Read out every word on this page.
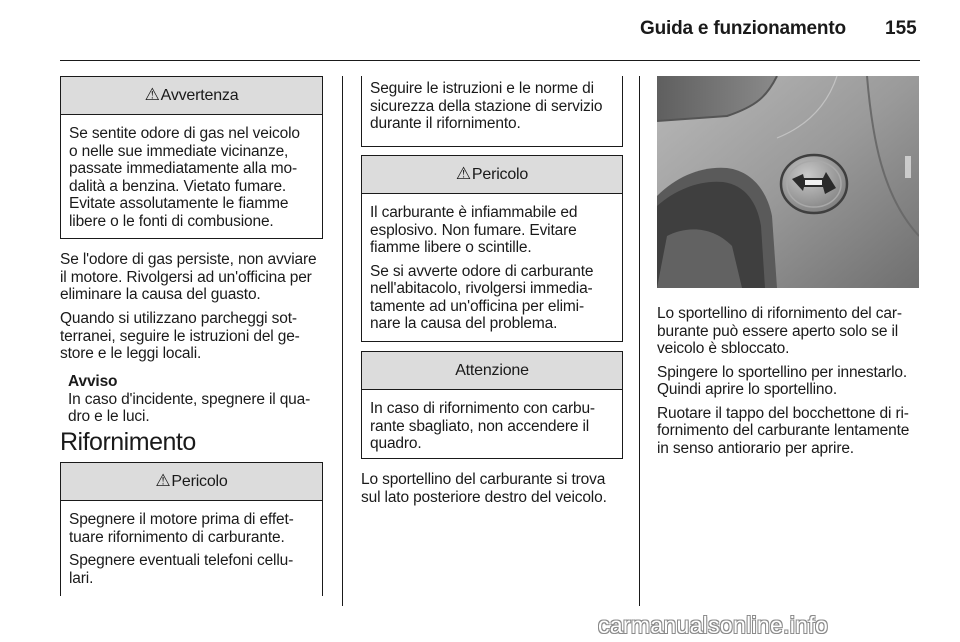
Guida e funzionamento 155
⚠ Avvertenza
Se sentite odore di gas nel veicolo o nelle sue immediate vicinanze, passate immediatamente alla mo-dalità a benzina. Vietato fumare. Evitate assolutamente le fiamme libere o le fonti di combusione.
Se l'odore di gas persiste, non avviare il motore. Rivolgersi ad un'officina per eliminare la causa del guasto.
Quando si utilizzano parcheggi sot-terranei, seguire le istruzioni del ge-store e le leggi locali.
Avviso
In caso d'incidente, spegnere il qua-dro e le luci.
Rifornimento
⚠ Pericolo
Spegnere il motore prima di effet-tuare rifornimento di carburante.
Spegnere eventuali telefoni cellu-lari.
Seguire le istruzioni e le norme di sicurezza della stazione di servizio durante il rifornimento.
⚠ Pericolo
Il carburante è infiammabile ed esplosivo. Non fumare. Evitare fiamme libere o scintille.
Se si avverte odore di carburante nell'abitacolo, rivolgersi immedia-tamente ad un'officina per elimi-nare la causa del problema.
Attenzione
In caso di rifornimento con carbu-rante sbagliato, non accendere il quadro.
Lo sportellino del carburante si trova sul lato posteriore destro del veicolo.
Lo sportellino di rifornimento del car-burante può essere aperto solo se il veicolo è sbloccato.
Spingere lo sportellino per innestarlo. Quindi aprire lo sportellino.
Ruotare il tappo del bocchettone di ri-fornimento del carburante lentamente in senso antiorario per aprire.
carmanualsonline.info
